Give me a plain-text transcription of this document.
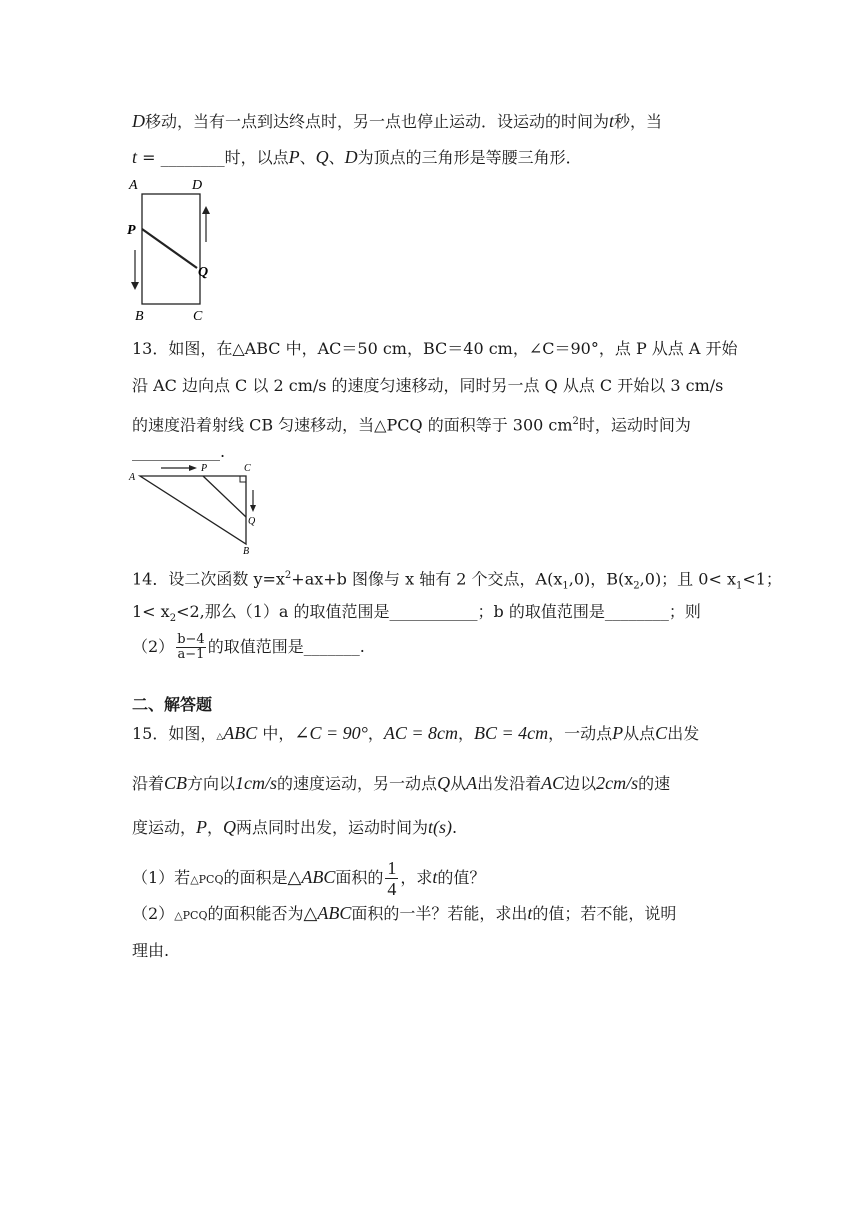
D移动，当有一点到达终点时，另一点也停止运动．设运动的时间为t秒，当
t = ________时，以点P、Q、D为顶点的三角形是等腰三角形．
A	D
P
Q
B	C
13．如图，在△ABC 中，AC＝50 cm，BC＝40 cm，∠C＝90°，点 P 从点 A 开始
沿 AC 边向点 C 以 2 cm/s 的速度匀速移动，同时另一点 Q 从点 C 开始以 3 cm/s
的速度沿着射线 CB 匀速移动，当△PCQ 的面积等于 300 $cm^2$时，运动时间为
___________.
A
P	C
Q
B
14．设二次函数 $y=x^2+ax+b$ 图像与 x 轴有 2 个交点，$A(x_1,0)$，$B(x_2,0)$；且 $0< x_1<1$；
$1< x_2<2$,那么（1）a 的取值范围是___________；b 的取值范围是________；则
$(2) \frac{b-4}{a-1}$ 的取值范围是_______.
二、解答题
15．如图，△ABC 中，∠C = 90°，AC = 8cm，BC = 4cm，一动点P从点C出发
沿着CB方向以1cm/s的速度运动，另一动点Q从A出发沿着AC边以2cm/s的速
度运动，P，Q两点同时出发，运动时间为t(s).
（1）若△PCQ的面积是△ABC面积的 $\frac{1}{4}$ ，求t的值？
（2）△PCQ的面积能否为△ABC面积的一半？若能，求出t的值；若不能，说明
理由.
